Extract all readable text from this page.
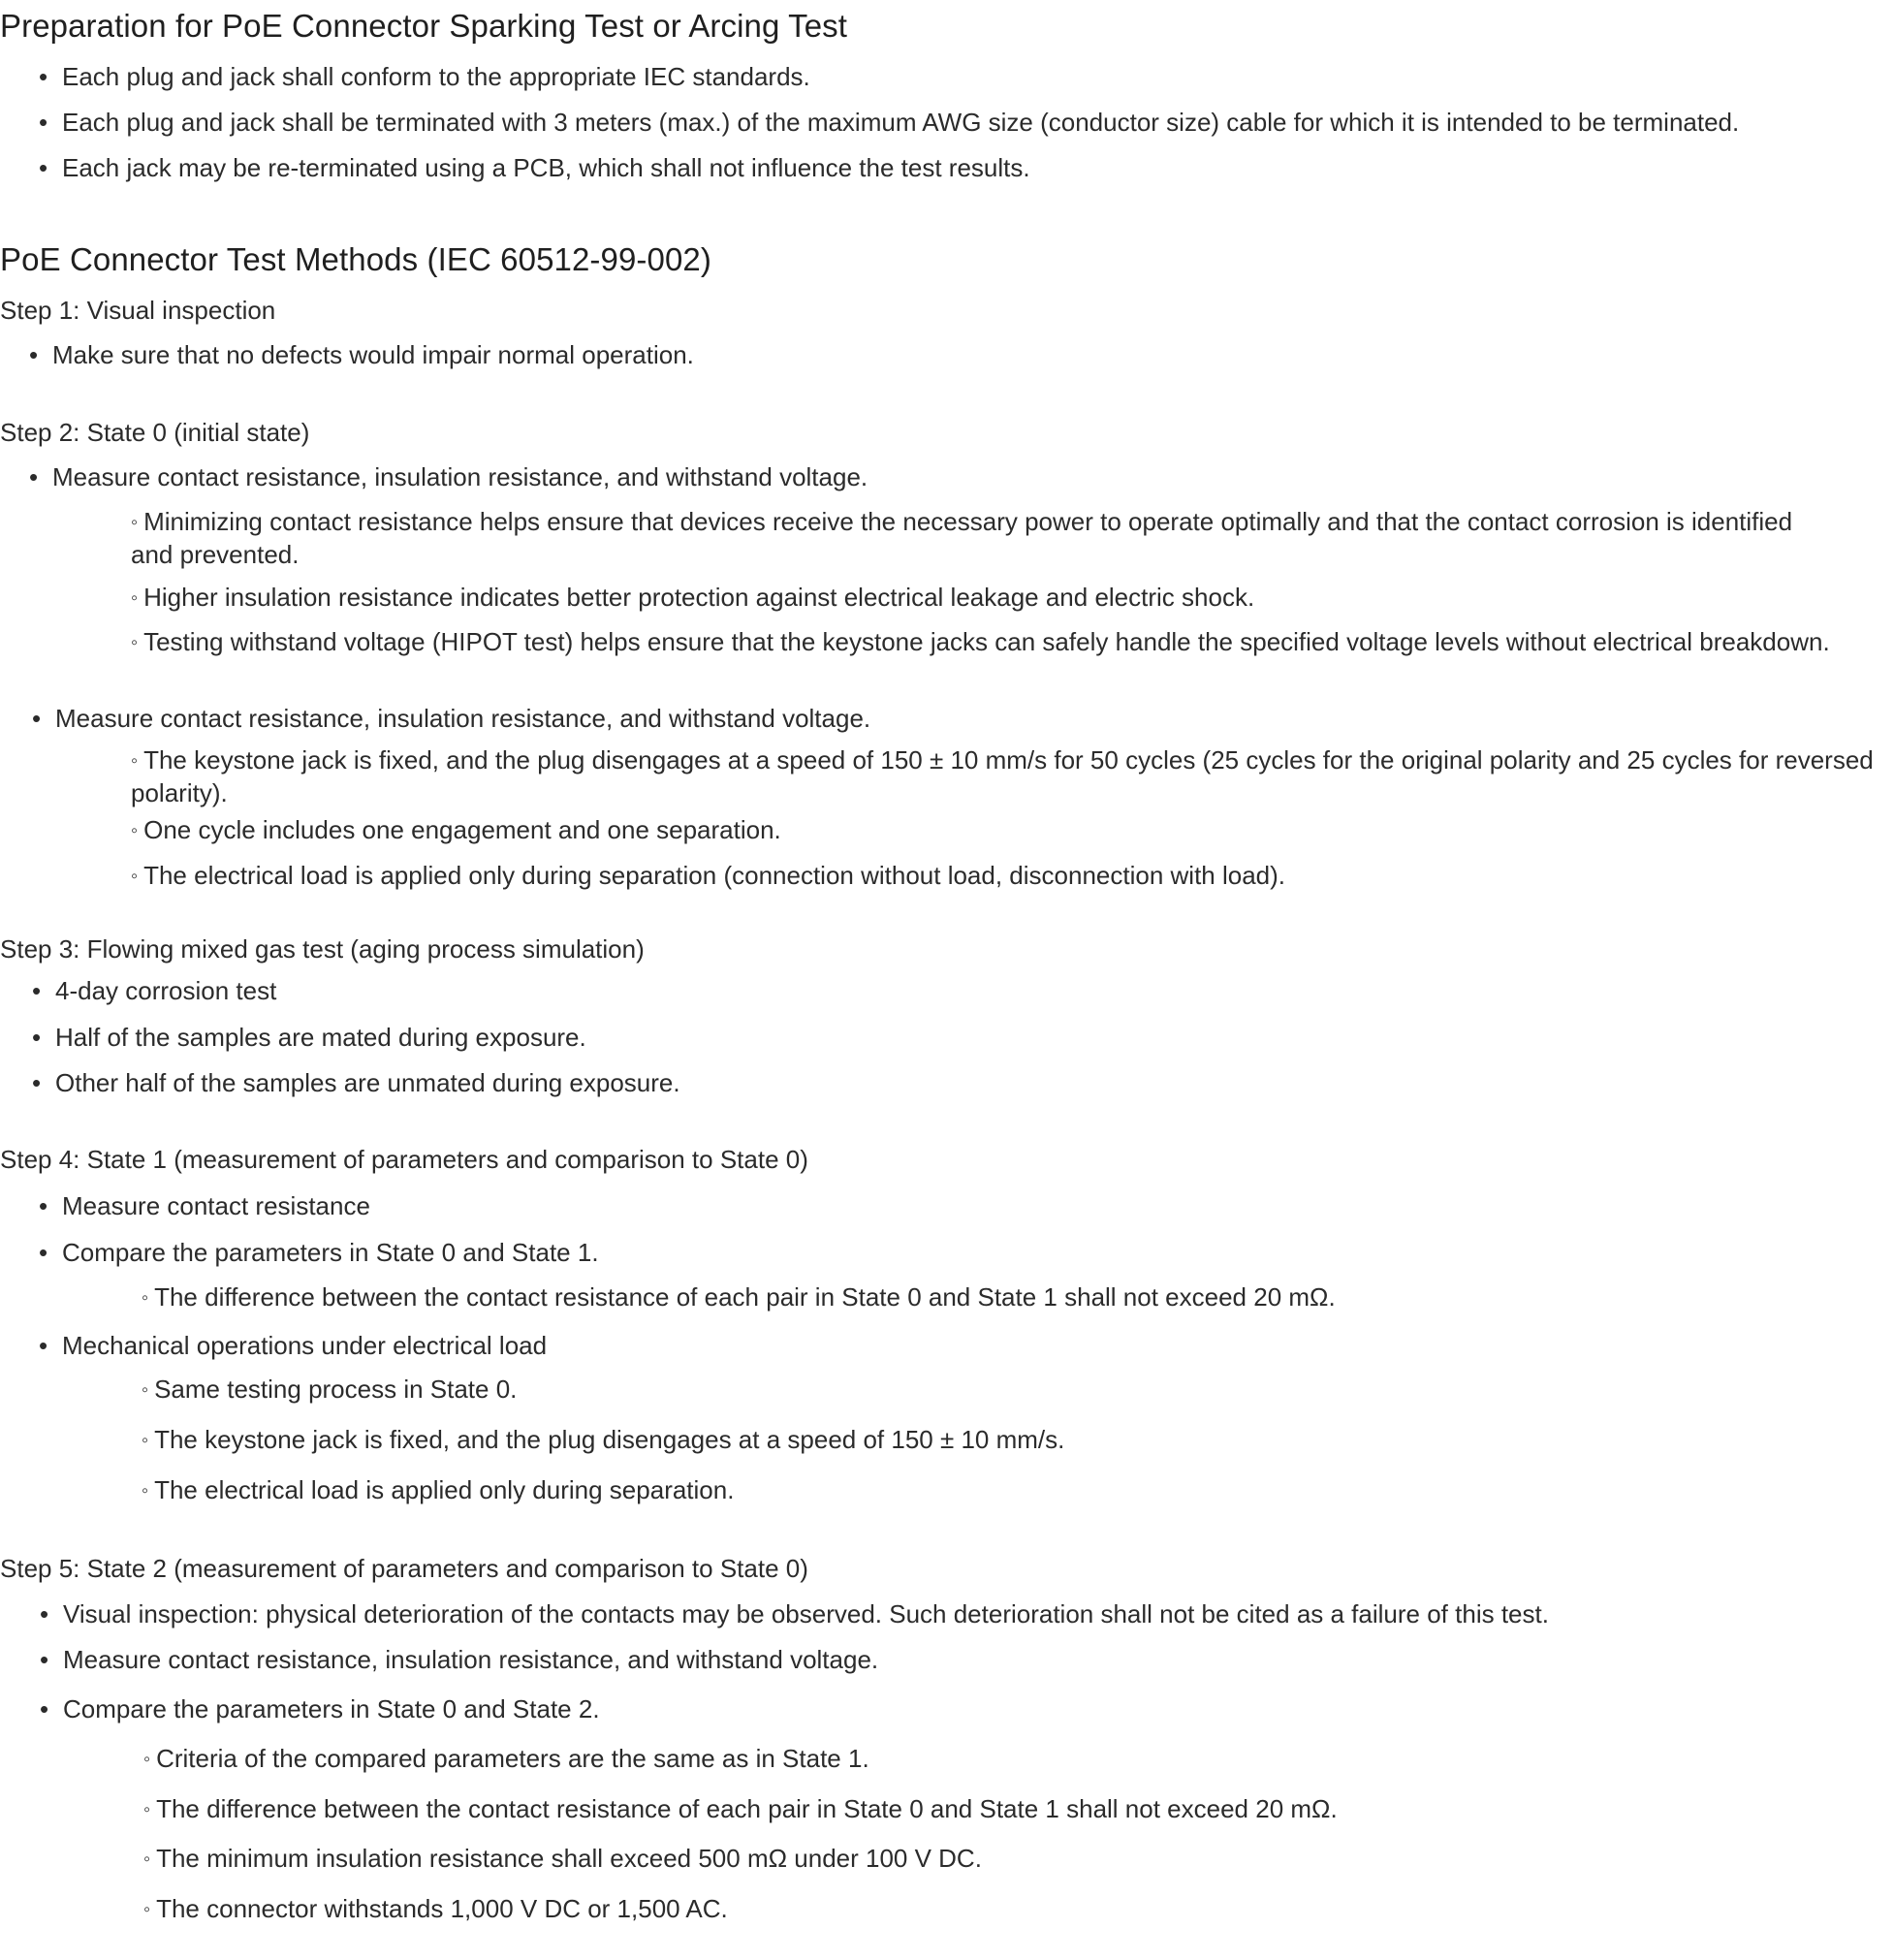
Preparation for PoE Connector Sparking Test or Arcing Test

• Each plug and jack shall conform to the appropriate IEC standards.

• Each plug and jack shall be terminated with 3 meters (max.) of the maximum AWG size (conductor size) cable for which it is intended to be terminated.

• Each jack may be re-terminated using a PCB, which shall not influence the test results.

PoE Connector Test Methods (IEC 60512-99-002)

Step 1: Visual inspection

• Make sure that no defects would impair normal operation.

Step 2: State 0 (initial state)

• Measure contact resistance, insulation resistance, and withstand voltage.

◦ Minimizing contact resistance helps ensure that devices receive the necessary power to operate optimally and that the contact corrosion is identified and prevented.
◦ Higher insulation resistance indicates better protection against electrical leakage and electric shock.
◦ Testing withstand voltage (HIPOT test) helps ensure that the keystone jacks can safely handle the specified voltage levels without electrical breakdown.

• Measure contact resistance, insulation resistance, and withstand voltage.

◦ The keystone jack is fixed, and the plug disengages at a speed of 150 ± 10 mm/s for 50 cycles (25 cycles for the original polarity and 25 cycles for reversed polarity).
◦ One cycle includes one engagement and one separation.
◦ The electrical load is applied only during separation (connection without load, disconnection with load).

Step 3: Flowing mixed gas test (aging process simulation)

• 4-day corrosion test

• Half of the samples are mated during exposure.

• Other half of the samples are unmated during exposure.

Step 4: State 1 (measurement of parameters and comparison to State 0)

• Measure contact resistance

• Compare the parameters in State 0 and State 1.

◦ The difference between the contact resistance of each pair in State 0 and State 1 shall not exceed 20 mΩ.

• Mechanical operations under electrical load

◦ Same testing process in State 0.
◦ The keystone jack is fixed, and the plug disengages at a speed of 150 ± 10 mm/s.
◦ The electrical load is applied only during separation.

Step 5: State 2 (measurement of parameters and comparison to State 0)

• Visual inspection: physical deterioration of the contacts may be observed. Such deterioration shall not be cited as a failure of this test.

• Measure contact resistance, insulation resistance, and withstand voltage.

• Compare the parameters in State 0 and State 2.

◦ Criteria of the compared parameters are the same as in State 1.
◦ The difference between the contact resistance of each pair in State 0 and State 1 shall not exceed 20 mΩ.
◦ The minimum insulation resistance shall exceed 500 mΩ under 100 V DC.
◦ The connector withstands 1,000 V DC or 1,500 AC.
